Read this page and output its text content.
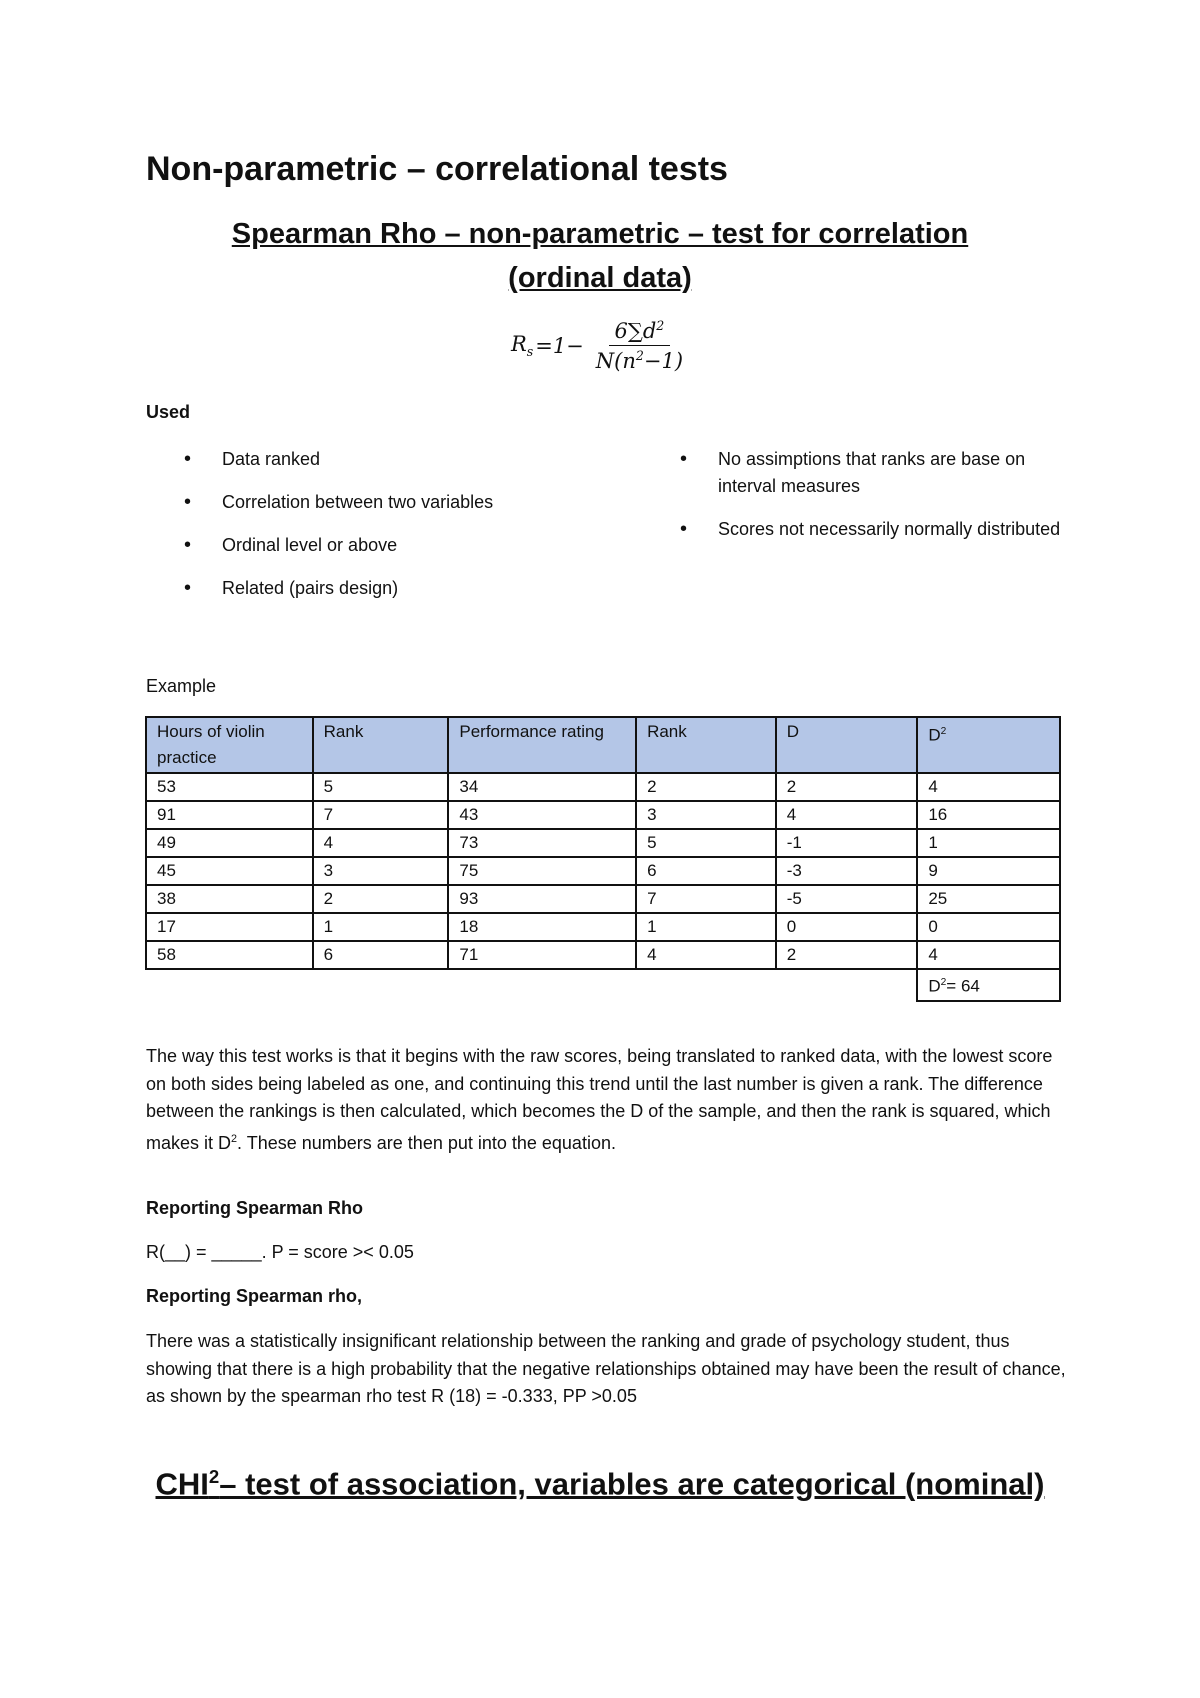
Non-parametric – correlational tests
Spearman Rho – non-parametric – test for correlation
(ordinal data)
$R_s =1- \frac{6\sum d^2}{N(n^2-1)}$
Used
• Data ranked
• Correlation between two variables
• Ordinal level or above
• Related (pairs design)
• No assimptions that ranks are base on interval measures
• Scores not necessarily normally distributed
Example
Hours of violin practice	Rank	Performance rating	Rank	D	$D^2$
53	5	34	2	2	4
91	7	43	3	4	16
49	4	73	5	-1	1
45	3	75	6	-3	9
38	2	93	7	-5	25
17	1	18	1	0	0
58	6	71	4	2	4
					$D^2= 64$
The way this test works is that it begins with the raw scores, being translated to ranked data, with the lowest score on both sides being labeled as one, and continuing this trend until the last number is given a rank. The difference between the rankings is then calculated, which becomes the D of the sample, and then the rank is squared, which makes it $D^2$. These numbers are then put into the equation.
Reporting Spearman Rho
R(__) = _____. P = score >< 0.05
Reporting Spearman rho,
There was a statistically insignificant relationship between the ranking and grade of psychology student, thus showing that there is a high probability that the negative relationships obtained may have been the result of chance, as shown by the spearman rho test R (18) = -0.333, PP >0.05
CHI$^2$– test of association, variables are categorical (nominal)
